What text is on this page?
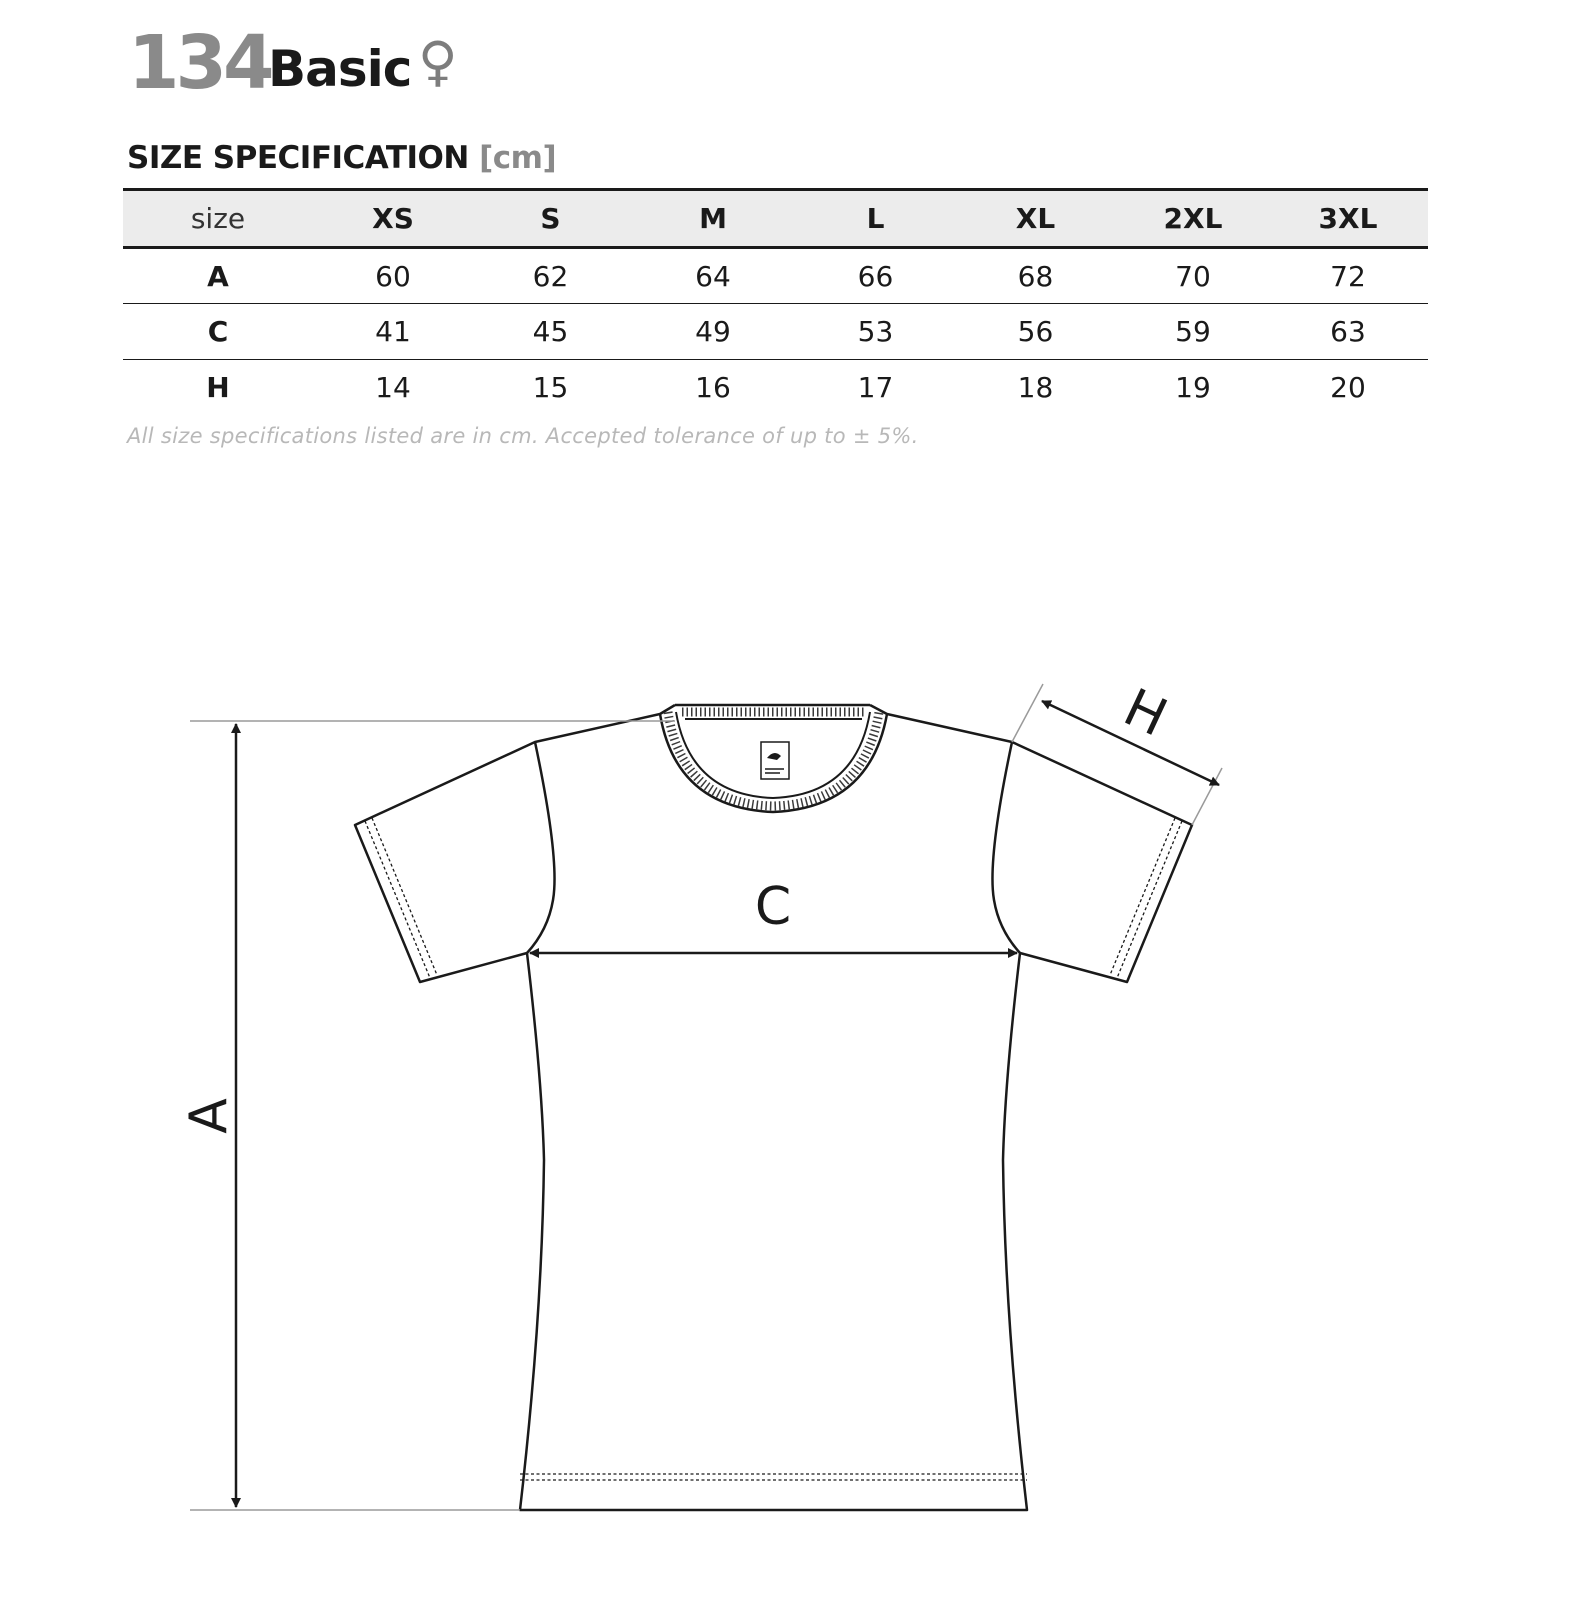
134
Basic ♀
SIZE SPECIFICATION [cm]
size	XS	S	M	L	XL	2XL	3XL
A	60	62	64	66	68	70	72
C	41	45	49	53	56	59	63
H	14	15	16	17	18	19	20
All size specifications listed are in cm. Accepted tolerance of up to ± 5%.
A
C
H
